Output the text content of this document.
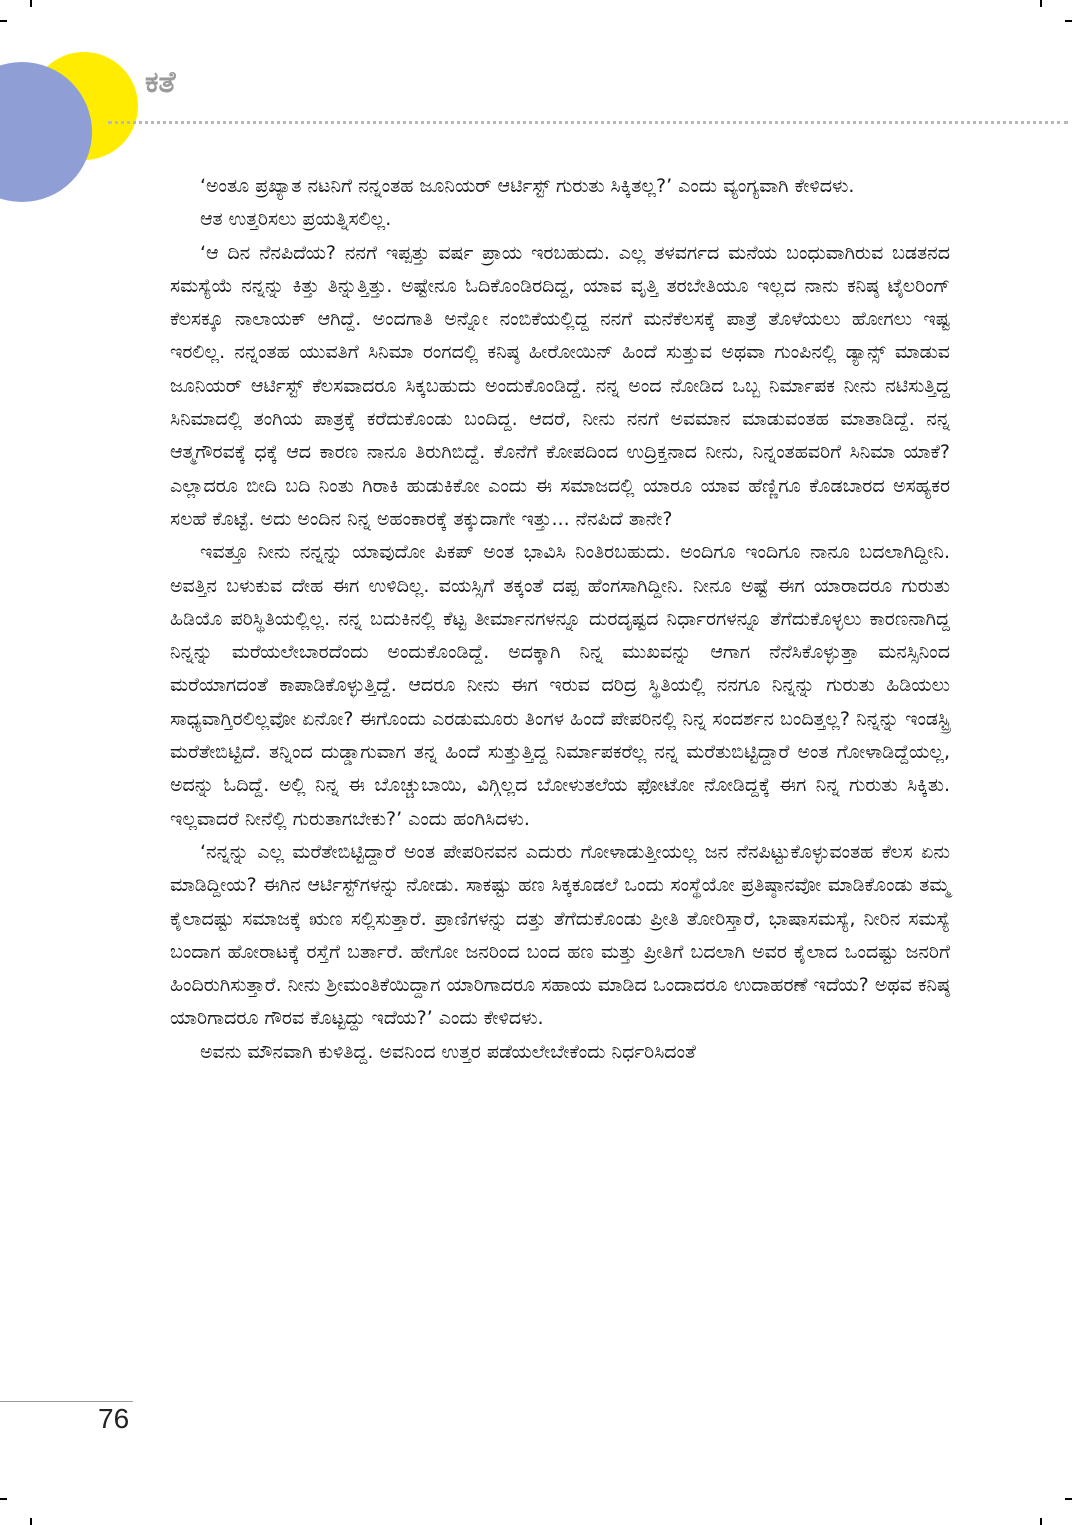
ಕತೆ

‘ಅಂತೂ ಪ್ರಖ್ಯಾತ ನಟನಿಗೆ ನನ್ನಂತಹ ಜೂನಿಯರ್ ಆರ್ಟಿಸ್ಟ್ ಗುರುತು ಸಿಕ್ಕಿತಲ್ಲ?’ ಎಂದು ವ್ಯಂಗ್ಯವಾಗಿ ಕೇಳಿದಳು.

ಆತ ಉತ್ತರಿಸಲು ಪ್ರಯತ್ನಿಸಲಿಲ್ಲ.

‘ಆ ದಿನ ನೆನಪಿದೆಯ? ನನಗೆ ಇಪ್ಪತ್ತು ವರ್ಷ ಪ್ರಾಯ ಇರಬಹುದು. ಎಲ್ಲ ತಳವರ್ಗದ ಮನೆಯ ಬಂಧುವಾಗಿರುವ ಬಡತನದ ಸಮಸ್ಯೆಯೆ ನನ್ನನ್ನು ಕಿತ್ತು ತಿನ್ನುತ್ತಿತ್ತು. ಅಷ್ಟೇನೂ ಓದಿಕೊಂಡಿರದಿದ್ದ, ಯಾವ ವೃತ್ತಿ ತರಬೇತಿಯೂ ಇಲ್ಲದ ನಾನು ಕನಿಷ್ಠ ಟೈಲರಿಂಗ್ ಕೆಲಸಕ್ಕೂ ನಾಲಾಯಕ್ ಆಗಿದ್ದೆ. ಅಂದಗಾತಿ ಅನ್ನೋ ನಂಬಿಕೆಯಲ್ಲಿದ್ದ ನನಗೆ ಮನೆಕೆಲಸಕ್ಕೆ ಪಾತ್ರೆ ತೊಳೆಯಲು ಹೋಗಲು ಇಷ್ಟ ಇರಲಿಲ್ಲ. ನನ್ನಂತಹ ಯುವತಿಗೆ ಸಿನಿಮಾ ರಂಗದಲ್ಲಿ ಕನಿಷ್ಠ ಹೀರೋಯಿನ್ ಹಿಂದೆ ಸುತ್ತುವ ಅಥವಾ ಗುಂಪಿನಲ್ಲಿ ಡ್ಯಾನ್ಸ್ ಮಾಡುವ ಜೂನಿಯರ್ ಆರ್ಟಿಸ್ಟ್ ಕೆಲಸವಾದರೂ ಸಿಕ್ಕಬಹುದು ಅಂದುಕೊಂಡಿದ್ದೆ. ನನ್ನ ಅಂದ ನೋಡಿದ ಒಬ್ಬ ನಿರ್ಮಾಪಕ ನೀನು ನಟಿಸುತ್ತಿದ್ದ ಸಿನಿಮಾದಲ್ಲಿ ತಂಗಿಯ ಪಾತ್ರಕ್ಕೆ ಕರೆದುಕೊಂಡು ಬಂದಿದ್ದ. ಆದರೆ, ನೀನು ನನಗೆ ಅವಮಾನ ಮಾಡುವಂತಹ ಮಾತಾಡಿದ್ದೆ. ನನ್ನ ಆತ್ಮಗೌರವಕ್ಕೆ ಧಕ್ಕೆ ಆದ ಕಾರಣ ನಾನೂ ತಿರುಗಿಬಿದ್ದೆ. ಕೊನೆಗೆ ಕೋಪದಿಂದ ಉದ್ರಿಕ್ತನಾದ ನೀನು, ನಿನ್ನಂತಹವರಿಗೆ ಸಿನಿಮಾ ಯಾಕೆ? ಎಲ್ಲಾದರೂ ಬೀದಿ ಬದಿ ನಿಂತು ಗಿರಾಕಿ ಹುಡುಕಿಕೋ ಎಂದು ಈ ಸಮಾಜದಲ್ಲಿ ಯಾರೂ ಯಾವ ಹೆಣ್ಣಿಗೂ ಕೊಡಬಾರದ ಅಸಹ್ಯಕರ ಸಲಹೆ ಕೊಟ್ಟೆ. ಅದು ಅಂದಿನ ನಿನ್ನ ಅಹಂಕಾರಕ್ಕೆ ತಕ್ಕುದಾಗೇ ಇತ್ತು... ನೆನಪಿದೆ ತಾನೇ?

ಇವತ್ತೂ ನೀನು ನನ್ನನ್ನು ಯಾವುದೋ ಪಿಕಪ್ ಅಂತ ಭಾವಿಸಿ ನಿಂತಿರಬಹುದು. ಅಂದಿಗೂ ಇಂದಿಗೂ ನಾನೂ ಬದಲಾಗಿದ್ದೀನಿ. ಅವತ್ತಿನ ಬಳುಕುವ ದೇಹ ಈಗ ಉಳಿದಿಲ್ಲ. ವಯಸ್ಸಿಗೆ ತಕ್ಕಂತೆ ದಪ್ಪ ಹೆಂಗಸಾಗಿದ್ದೀನಿ. ನೀನೂ ಅಷ್ಟೆ ಈಗ ಯಾರಾದರೂ ಗುರುತು ಹಿಡಿಯೊ ಪರಿಸ್ಥಿತಿಯಲ್ಲಿಲ್ಲ. ನನ್ನ ಬದುಕಿನಲ್ಲಿ ಕೆಟ್ಟ ತೀರ್ಮಾನಗಳನ್ನೂ ದುರದೃಷ್ಟದ ನಿರ್ಧಾರಗಳನ್ನೂ ತೆಗೆದುಕೊಳ್ಳಲು ಕಾರಣನಾಗಿದ್ದ ನಿನ್ನನ್ನು ಮರೆಯಲೇಬಾರದೆಂದು ಅಂದುಕೊಂಡಿದ್ದೆ. ಅದಕ್ಕಾಗಿ ನಿನ್ನ ಮುಖವನ್ನು ಆಗಾಗ ನೆನೆಸಿಕೊಳ್ಳುತ್ತಾ ಮನಸ್ಸಿನಿಂದ ಮರೆಯಾಗದಂತೆ ಕಾಪಾಡಿಕೊಳ್ಳುತ್ತಿದ್ದೆ. ಆದರೂ ನೀನು ಈಗ ಇರುವ ದರಿದ್ರ ಸ್ಥಿತಿಯಲ್ಲಿ ನನಗೂ ನಿನ್ನನ್ನು ಗುರುತು ಹಿಡಿಯಲು ಸಾಧ್ಯವಾಗ್ತಿರಲಿಲ್ಲವೋ ಏನೋ? ಈಗೊಂದು ಎರಡುಮೂರು ತಿಂಗಳ ಹಿಂದೆ ಪೇಪರಿನಲ್ಲಿ ನಿನ್ನ ಸಂದರ್ಶನ ಬಂದಿತ್ತಲ್ಲ? ನಿನ್ನನ್ನು ಇಂಡಸ್ಟ್ರಿ ಮರೆತೇಬಿಟ್ಟಿದೆ. ತನ್ನಿಂದ ದುಡ್ಡಾಗುವಾಗ ತನ್ನ ಹಿಂದೆ ಸುತ್ತುತ್ತಿದ್ದ ನಿರ್ಮಾಪಕರೆಲ್ಲ ನನ್ನ ಮರೆತುಬಿಟ್ಟಿದ್ದಾರೆ ಅಂತ ಗೋಳಾಡಿದ್ದೆಯಲ್ಲ, ಅದನ್ನು ಓದಿದ್ದೆ. ಅಲ್ಲಿ ನಿನ್ನ ಈ ಬೊಚ್ಚುಬಾಯಿ, ವಿಗ್ಗಿಲ್ಲದ ಬೋಳುತಲೆಯ ಫೋಟೋ ನೋಡಿದ್ದಕ್ಕೆ ಈಗ ನಿನ್ನ ಗುರುತು ಸಿಕ್ಕಿತು. ಇಲ್ಲವಾದರೆ ನೀನೆಲ್ಲಿ ಗುರುತಾಗಬೇಕು?’ ಎಂದು ಹಂಗಿಸಿದಳು.

‘ನನ್ನನ್ನು ಎಲ್ಲ ಮರೆತೇಬಿಟ್ಟಿದ್ದಾರೆ ಅಂತ ಪೇಪರಿನವನ ಎದುರು ಗೋಳಾಡುತ್ತೀಯಲ್ಲ ಜನ ನೆನಪಿಟ್ಟುಕೊಳ್ಳುವಂತಹ ಕೆಲಸ ಏನು ಮಾಡಿದ್ದೀಯ? ಈಗಿನ ಆರ್ಟಿಸ್ಟ್‌ಗಳನ್ನು ನೋಡು. ಸಾಕಷ್ಟು ಹಣ ಸಿಕ್ಕಕೂಡಲೆ ಒಂದು ಸಂಸ್ಥೆಯೋ ಪ್ರತಿಷ್ಠಾನವೋ ಮಾಡಿಕೊಂಡು ತಮ್ಮ ಕೈಲಾದಷ್ಟು ಸಮಾಜಕ್ಕೆ ಋಣ ಸಲ್ಲಿಸುತ್ತಾರೆ. ಪ್ರಾಣಿಗಳನ್ನು ದತ್ತು ತೆಗೆದುಕೊಂಡು ಪ್ರೀತಿ ತೋರಿಸ್ತಾರೆ, ಭಾಷಾಸಮಸ್ಯೆ, ನೀರಿನ ಸಮಸ್ಯೆ ಬಂದಾಗ ಹೋರಾಟಕ್ಕೆ ರಸ್ತೆಗೆ ಬರ್ತಾರೆ. ಹೇಗೋ ಜನರಿಂದ ಬಂದ ಹಣ ಮತ್ತು ಪ್ರೀತಿಗೆ ಬದಲಾಗಿ ಅವರ ಕೈಲಾದ ಒಂದಷ್ಟು ಜನರಿಗೆ ಹಿಂದಿರುಗಿಸುತ್ತಾರೆ. ನೀನು ಶ್ರೀಮಂತಿಕೆಯಿದ್ದಾಗ ಯಾರಿಗಾದರೂ ಸಹಾಯ ಮಾಡಿದ ಒಂದಾದರೂ ಉದಾಹರಣೆ ಇದೆಯ? ಅಥವ ಕನಿಷ್ಠ ಯಾರಿಗಾದರೂ ಗೌರವ ಕೊಟ್ಟದ್ದು ಇದೆಯ?’ ಎಂದು ಕೇಳಿದಳು.

ಅವನು ಮೌನವಾಗಿ ಕುಳಿತಿದ್ದ. ಅವನಿಂದ ಉತ್ತರ ಪಡೆಯಲೇಬೇಕೆಂದು ನಿರ್ಧರಿಸಿದಂತೆ

76
